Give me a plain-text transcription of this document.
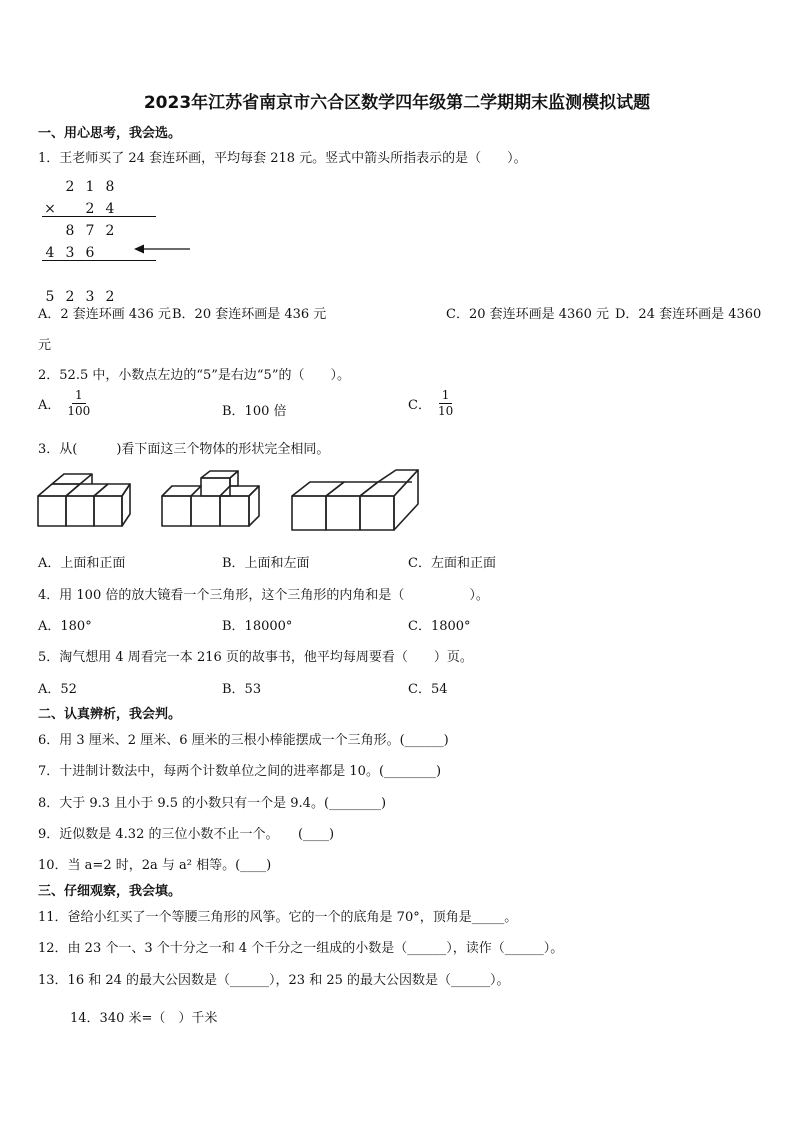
2023年江苏省南京市六合区数学四年级第二学期期末监测模拟试题
一、用心思考，我会选。
1．王老师买了 24 套连环画，平均每套 218 元。竖式中箭头所指表示的是（　　）。
	2	1	8
×		2	4
	8	7	2
4	3	6	

5	2	3	2
A．2 套连环画 436 元 B．20 套连环画是 436 元	C．20 套连环画是 4360 元 D．24 套连环画是 4360
元
2．52.5 中，小数点左边的“5”是右边“5”的（　　）。
A． $\frac{1}{100}$	B．100 倍	C． $\frac{1}{10}$
3．从(　　　)看下面这三个物体的形状完全相同。
A．上面和正面	B．上面和左面	C．左面和正面
4．用 100 倍的放大镜看一个三角形，这个三角形的内角和是（　　　　　）。
A．180°	B．18000°	C．1800°
5．淘气想用 4 周看完一本 216 页的故事书，他平均每周要看（　　）页。
A．52	B．53	C．54
二、认真辨析，我会判。
6．用 3 厘米、2 厘米、6 厘米的三根小棒能摆成一个三角形。(______)
7．十进制计数法中，每两个计数单位之间的进率都是 10。(________)
8．大于 9.3 且小于 9.5 的小数只有一个是 9.4。(________)
9．近似数是 4.32 的三位小数不止一个。　　(____)
10．当 a=2 时，2a 与 a² 相等。(____)
三、仔细观察，我会填。
11．爸给小红买了一个等腰三角形的风筝。它的一个的底角是 70°，顶角是_____。
12．由 23 个一、3 个十分之一和 4 个千分之一组成的小数是（______），读作（______）。
13．16 和 24 的最大公因数是（______），23 和 25 的最大公因数是（______）。
14．340 米=（　）千米
